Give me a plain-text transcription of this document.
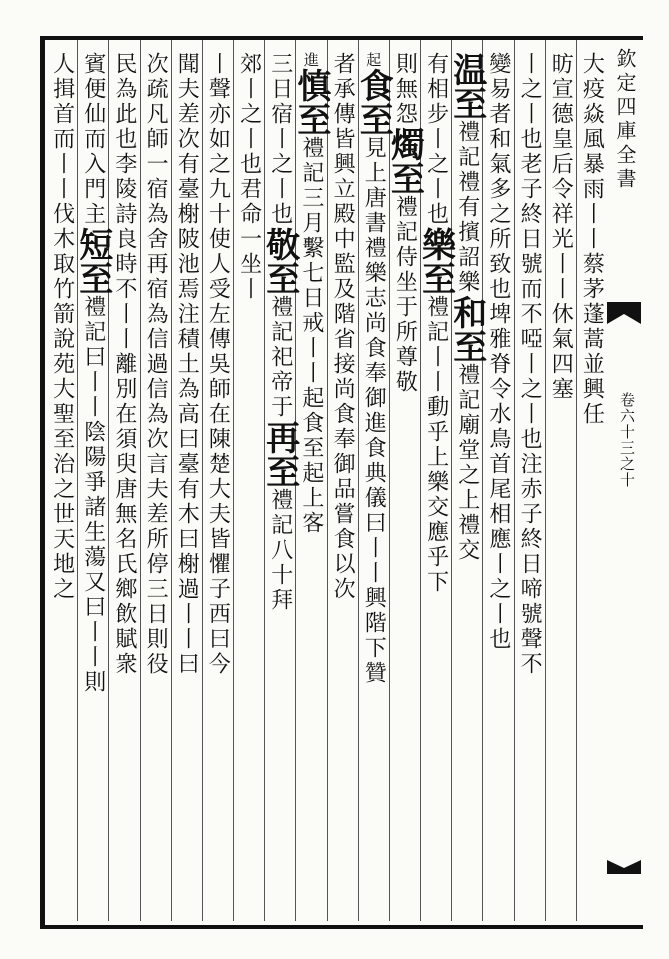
欽定四庫全書
卷六十三之十
大疫焱風暴雨丨丨蔡茅蓬蒿並興任
昉宣德皇后令祥光丨丨休氣四塞
丨之丨也老子終日號而不啞丨之丨也注赤子終日啼號聲不
變易者和氣多之所致也埤雅脊令水鳥首尾相應丨之丨也
温至禮記禮有擯詔樂和至禮記廟堂之上禮交
有相步丨之丨也樂至禮記丨丨動乎上樂交應乎下
則無怨燭至禮記侍坐于所尊敬
起食至見上唐書禮樂志尚食奉御進食典儀曰丨丨興階下贊
者承傳皆興立殿中監及階省接尚食奉御品嘗食以次
進慎至禮記三月繫七日戒丨丨起食至起上客
三日宿丨之丨也敬至禮記祀帝于再至禮記八十拜
郊丨之丨也君命一坐丨
丨聲亦如之九十使人受左傳吳師在陳楚大夫皆懼子西曰今
聞夫差次有臺榭陂池焉注積土為高曰臺有木曰榭過丨丨曰
次疏凡師一宿為舍再宿為信過信為次言夫差所停三日則役
民為此也李陵詩良時不丨丨離別在須臾唐無名氏鄉飲賦衆
賓便仙而入門主短至禮記曰丨丨陰陽爭諸生蕩又曰丨丨則
人揖首而丨丨伐木取竹箭說苑大聖至治之世天地之
